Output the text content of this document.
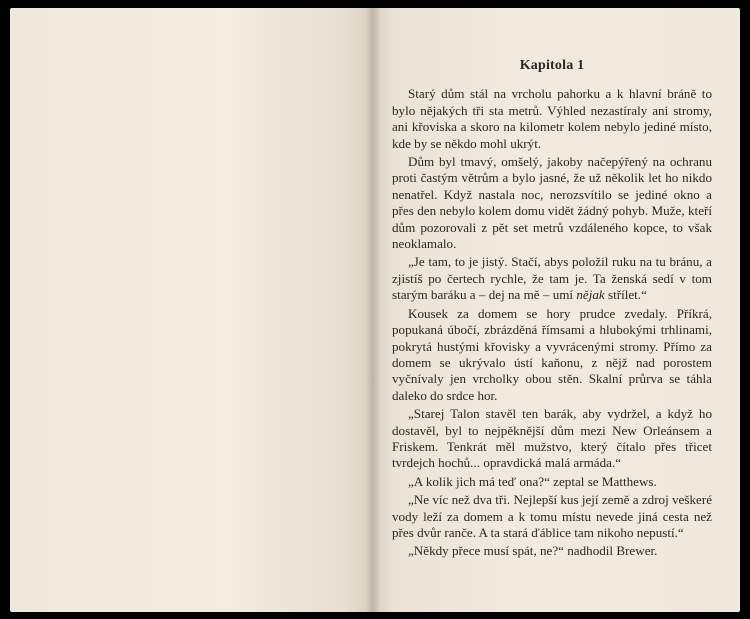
Kapitola 1

Starý dům stál na vrcholu pahorku a k hlavní bráně to bylo nějakých tři sta metrů. Výhled nezastíraly ani stromy, ani křoviska a skoro na kilometr kolem nebylo jediné místo, kde by se někdo mohl ukrýt.

Dům byl tmavý, omšelý, jakoby načepýřený na ochranu proti častým větrům a bylo jasné, že už několik let ho nikdo nenatřel. Když nastala noc, nerozsvítilo se jediné okno a přes den nebylo kolem domu vidět žádný pohyb. Muže, kteří dům pozorovali z pět set metrů vzdáleného kopce, to však neoklamalo.

„Je tam, to je jistý. Stačí, abys položil ruku na tu bránu, a zjistíš po čertech rychle, že tam je. Ta ženská sedí v tom starým baráku a – dej na mě – umí nějak střílet.“

Kousek za domem se hory prudce zvedaly. Příkrá, popukaná úbočí, zbrázděná římsami a hlubokými trhlinami, pokrytá hustými křovisky a vyvrácenými stromy. Přímo za domem se ukrývalo ústí kaňonu, z nějž nad porostem vyčnívaly jen vrcholky obou stěn. Skalní průrva se táhla daleko do srdce hor.

„Starej Talon stavěl ten barák, aby vydržel, a když ho dostavěl, byl to nejpěknější dům mezi New Orleánsem a Friskem. Tenkrát měl mužstvo, který čítalo přes třicet tvrdejch hochů... opravdická malá armáda.“

„A kolik jich má teď ona?“ zeptal se Matthews.

„Ne víc než dva tři. Nejlepší kus její země a zdroj veškeré vody leží za domem a k tomu místu nevede jiná cesta než přes dvůr ranče. A ta stará ďáblice tam nikoho nepustí.“

„Někdy přece musí spát, ne?“ nadhodil Brewer.
